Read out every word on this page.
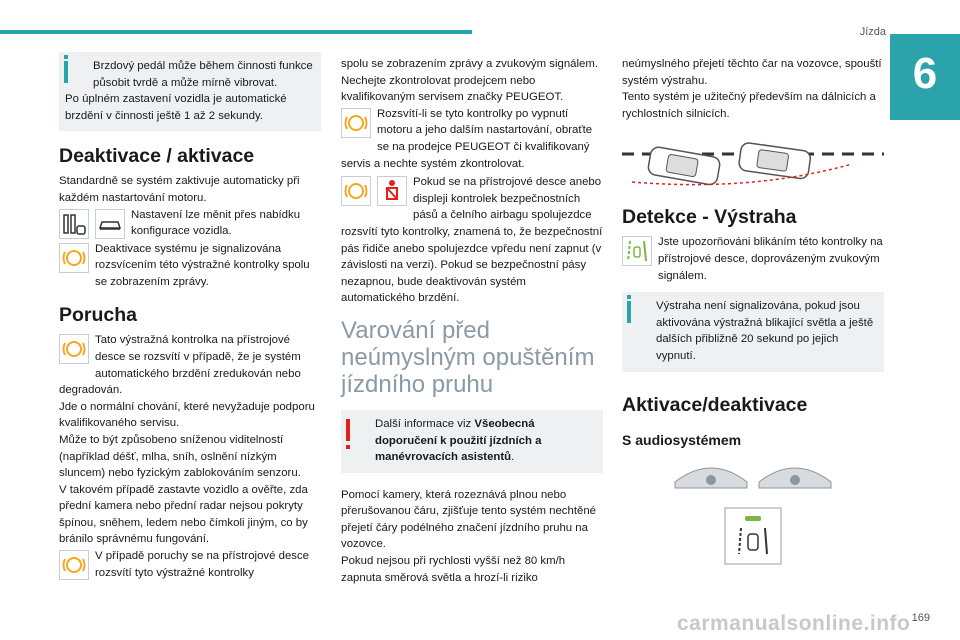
Jízda
6

Brzdový pedál může během činnosti funkce působit tvrdě a může mírně vibrovat.

Po úplném zastavení vozidla je automatické brzdění v činnosti ještě 1 až 2 sekundy.

Deaktivace / aktivace

Standardně se systém zaktivuje automaticky při každém nastartování motoru.

Nastavení lze měnit přes nabídku konfigurace vozidla.

Deaktivace systému je signalizována rozsvícením této výstražné kontrolky spolu se zobrazením zprávy.

Porucha

Tato výstražná kontrolka na přístrojové desce se rozsvítí v případě, že je systém automatického brzdění zredukován nebo degradován.

Jde o normální chování, které nevyžaduje podporu kvalifikovaného servisu.

Může to být způsobeno sníženou viditelností (například déšť, mlha, sníh, oslnění nízkým sluncem) nebo fyzickým zablokováním senzoru.

V takovém případě zastavte vozidlo a ověřte, zda přední kamera nebo přední radar nejsou pokryty špínou, sněhem, ledem nebo čímkoli jiným, co by bránilo správnému fungování.

V případě poruchy se na přístrojové desce rozsvítí tyto výstražné kontrolky

spolu se zobrazením zprávy a zvukovým signálem.

Nechejte zkontrolovat prodejcem nebo kvalifikovaným servisem značky PEUGEOT.

Rozsvítí-li se tyto kontrolky po vypnutí motoru a jeho dalším nastartování, obraťte se na prodejce PEUGEOT či kvalifikovaný servis a nechte systém zkontrolovat.

Pokud se na přístrojové desce anebo displeji kontrolek bezpečnostních pásů a čelního airbagu spolujezdce rozsvítí tyto kontrolky, znamená to, že bezpečnostní pás řidiče anebo spolujezdce vpředu není zapnut (v závislosti na verzi). Pokud se bezpečnostní pásy nezapnou, bude deaktivován systém automatického brzdění.

Varování před neúmyslným opuštěním jízdního pruhu

Další informace viz Všeobecná doporučení k použití jízdních a manévrovacích asistentů.

Pomocí kamery, která rozeznává plnou nebo přerušovanou čáru, zjišťuje tento systém nechtěné přejetí čáry podélného značení jízdního pruhu na vozovce.

Pokud nejsou při rychlosti vyšší než 80 km/h zapnuta směrová světla a hrozí-li riziko

neúmyslného přejetí těchto čar na vozovce, spouští systém výstrahu.

Tento systém je užitečný především na dálnicích a rychlostních silnicích.

Detekce - Výstraha

Jste upozorňováni blikáním této kontrolky na přístrojové desce, doprovázeným zvukovým signálem.

Výstraha není signalizována, pokud jsou aktivována výstražná blikající světla a ještě dalších přibližně 20 sekund po jejich vypnutí.

Aktivace/deaktivace
S audiosystémem
carmanualsonline.info 169
